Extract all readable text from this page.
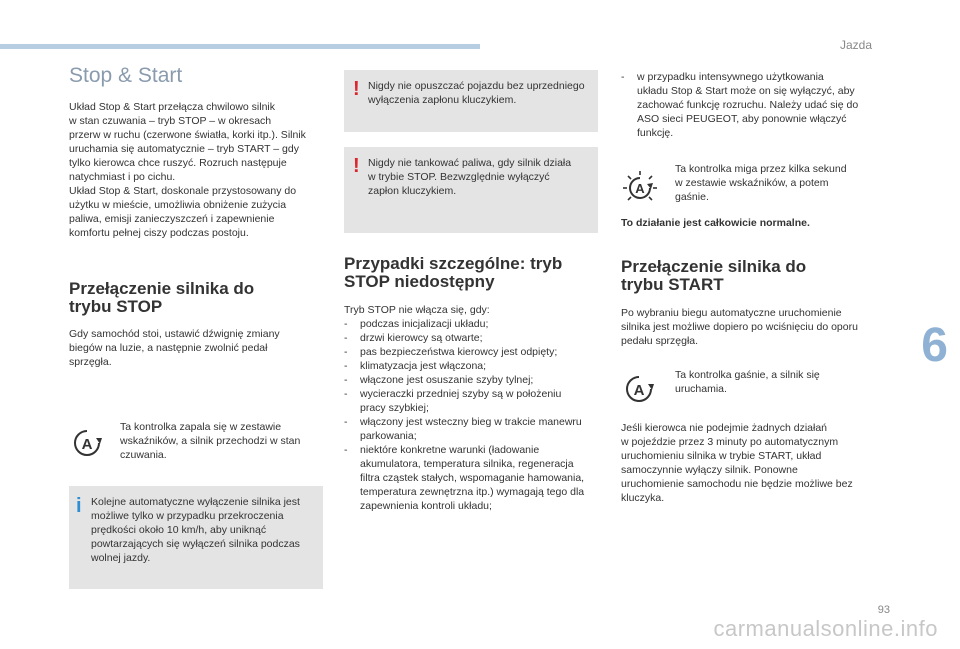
Jazda
Stop & Start

Układ Stop & Start przełącza chwilowo silnik
w stan czuwania – tryb STOP – w okresach
przerw w ruchu (czerwone światła, korki itp.). Silnik
uruchamia się automatycznie – tryb START – gdy
tylko kierowca chce ruszyć. Rozruch następuje
natychmiast i po cichu.
Układ Stop & Start, doskonale przystosowany do
użytku w mieście, umożliwia obniżenie zużycia
paliwa, emisji zanieczyszczeń i zapewnienie
komfortu pełnej ciszy podczas postoju.

Przełączenie silnika do
trybu STOP

Gdy samochód stoi, ustawić dźwignię zmiany
biegów na luzie, a następnie zwolnić pedał
sprzęgła.

A

Ta kontrolka zapala się w zestawie
wskaźników, a silnik przechodzi w stan
czuwania.

i Kolejne automatyczne wyłączenie silnika jest
możliwe tylko w przypadku przekroczenia
prędkości około 10 km/h, aby uniknąć
powtarzających się wyłączeń silnika podczas
wolnej jazdy.
! Nigdy nie opuszczać pojazdu bez uprzedniego
wyłączenia zapłonu kluczykiem.
! Nigdy nie tankować paliwa, gdy silnik działa
w trybie STOP. Bezwzględnie wyłączyć
zapłon kluczykiem.
Przypadki szczególne: tryb
STOP niedostępny

Tryb STOP nie włącza się, gdy:

- podczas inicjalizacji układu;
- drzwi kierowcy są otwarte;
- pas bezpieczeństwa kierowcy jest odpięty;
- klimatyzacja jest włączona;
- włączone jest osuszanie szyby tylnej;
- wycieraczki przedniej szyby są w położeniu
pracy szybkiej;
- włączony jest wsteczny bieg w trakcie manewru
parkowania;
- niektóre konkretne warunki (ładowanie
akumulatora, temperatura silnika, regeneracja
filtra cząstek stałych, wspomaganie hamowania,
temperatura zewnętrzna itp.) wymagają tego dla
zapewnienia kontroli układu;
- w przypadku intensywnego użytkowania
układu Stop & Start może on się wyłączyć, aby
zachować funkcję rozruchu. Należy udać się do
ASO sieci PEUGEOT, aby ponownie włączyć
funkcję.
A

Ta kontrolka miga przez kilka sekund
w zestawie wskaźników, a potem
gaśnie.

To działanie jest całkowicie normalne.

Przełączenie silnika do
trybu START

Po wybraniu biegu automatyczne uruchomienie
silnika jest możliwe dopiero po wciśnięciu do oporu
pedału sprzęgła.

A

Ta kontrolka gaśnie, a silnik się
uruchamia.

Jeśli kierowca nie podejmie żadnych działań
w pojeździe przez 3 minuty po automatycznym
uruchomieniu silnika w trybie START, układ
samoczynnie wyłączy silnik. Ponowne
uruchomienie samochodu nie będzie możliwe bez
kluczyka.

6
93
carmanualsonline.info
